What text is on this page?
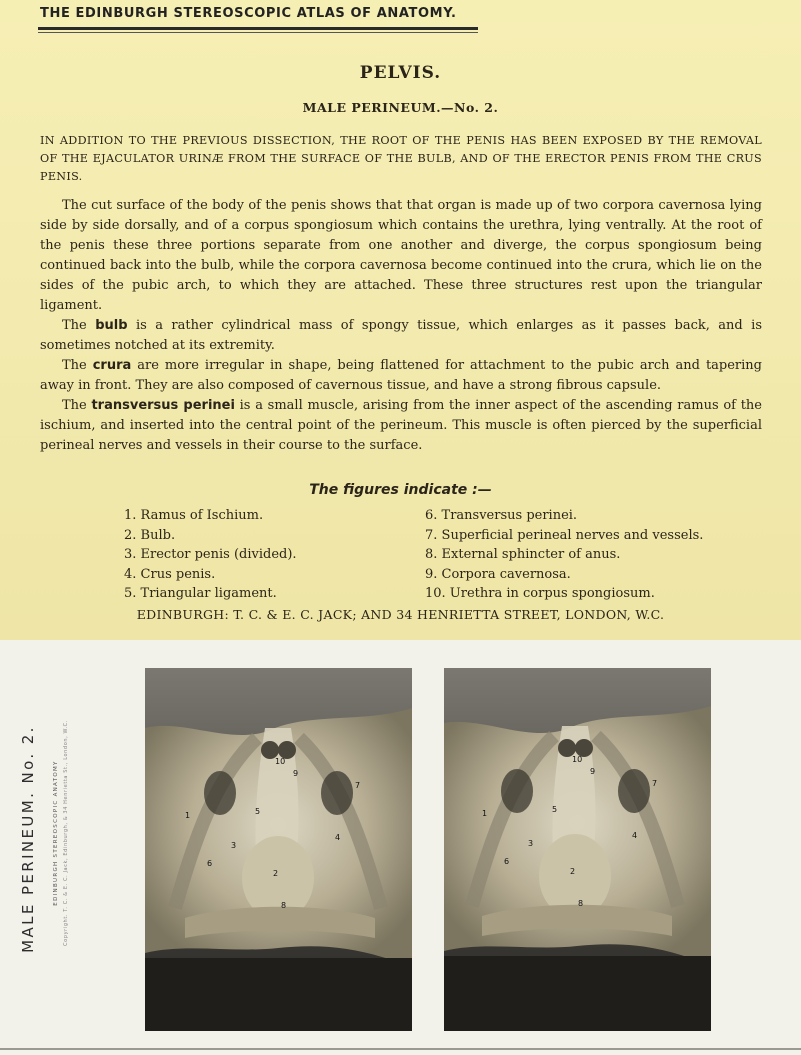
THE EDINBURGH STEREOSCOPIC ATLAS OF ANATOMY.
PELVIS.
MALE PERINEUM.—No. 2.
IN ADDITION TO THE PREVIOUS DISSECTION, THE ROOT OF THE PENIS HAS BEEN EXPOSED BY THE REMOVAL OF THE EJACULATOR URINÆ FROM THE SURFACE OF THE BULB, AND OF THE ERECTOR PENIS FROM THE CRUS PENIS.

The cut surface of the body of the penis shows that that organ is made up of two corpora cavernosa lying side by side dorsally, and of a corpus spongiosum which contains the urethra, lying ventrally. At the root of the penis these three portions separate from one another and diverge, the corpus spongiosum being continued back into the bulb, while the corpora cavernosa become continued into the crura, which lie on the sides of the pubic arch, to which they are attached. These three structures rest upon the triangular ligament.

The bulb is a rather cylindrical mass of spongy tissue, which enlarges as it passes back, and is sometimes notched at its extremity.

The crura are more irregular in shape, being flattened for attachment to the pubic arch and tapering away in front. They are also composed of cavernous tissue, and have a strong fibrous capsule.

The transversus perinei is a small muscle, arising from the inner aspect of the ascending ramus of the ischium, and inserted into the central point of the perineum. This muscle is often pierced by the superficial perineal nerves and vessels in their course to the surface.

The figures indicate :—
1. Ramus of Ischium.
2. Bulb.
3. Erector penis (divided).
4. Crus penis.
5. Triangular ligament.
6. Transversus perinei.
7. Superficial perineal nerves and vessels.
8. External sphincter of anus.
9. Corpora cavernosa.
10. Urethra in corpus spongiosum.
EDINBURGH: T. C. & E. C. JACK; AND 34 HENRIETTA STREET, LONDON, W.C.
MALE PERINEUM. No. 2.	EDINBURGH STEREOSCOPIC ANATOMY Copyright. T. C. & E. C. Jack, Edinburgh, & 34 Henrietta St., London, W.C.	10
9
2
3
4
6
7
8
1	5
10
9
2
3
4
6
7
8
1	5
